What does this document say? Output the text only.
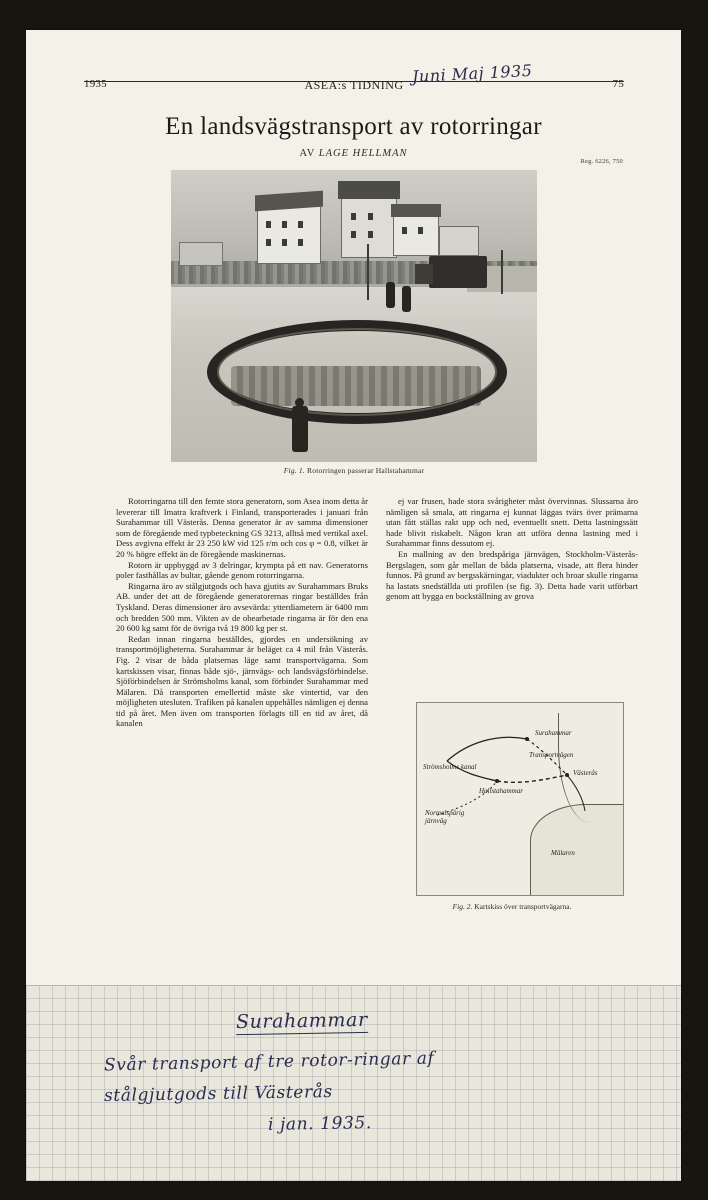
1935	ASEA:s TIDNING	75
Juni Maj 1935
En landsvägstransport av rotorringar
AV LAGE HELLMAN
Reg. 6226, 750
Fig. 1. Rotorringen passerar Hallstahammar

Rotorringarna till den femte stora generatorn, som Asea inom detta år levererar till Imatra kraftverk i Finland, transporterades i januari från Surahammar till Västerås. Denna generator är av samma dimensioner som de föregående med typbeteckning GS 3213, alltså med vertikal axel. Dess avgivna effekt är 23 250 kW vid 125 r/m och cos φ = 0.8, vilket är 20 % högre effekt än de föregående maskinernas.

Rotorn är uppbyggd av 3 delringar, krympta på ett nav. Generatorns poler fasthållas av bultar, gående genom rotorringarna.

Ringarna äro av stålgjutgods och hava gjutits av Surahammars Bruks AB. under det att de föregående generatorernas ringar beställdes från Tyskland. Deras dimensioner äro avsevärda: ytterdiametern är 6400 mm och bredden 500 mm. Vikten av de obearbetade ringarna är för den ena 20 600 kg samt för de övriga två 19 800 kg per st.

Redan innan ringarna beställdes, gjordes en undersökning av transportmöjligheterna. Surahammar är beläget ca 4 mil från Västerås. Fig. 2 visar de båda platsernas läge samt transportvägarna. Som kartskissen visar, finnas både sjö-, järnvägs- och landsvägsförbindelse. Sjöförbindelsen är Strömsholms kanal, som förbinder Surahammar med Mälaren. Då transporten emellertid måste ske vintertid, var den möjligheten utesluten. Trafiken på kanalen uppehålles nämligen ej denna tid på året. Men även om transporten förlagts till en tid av året, då kanalen

ej var frusen, hade stora svårigheter måst övervinnas. Slussarna äro nämligen så smala, att ringarna ej kunnat läggas tvärs över prämarna utan fått ställas rakt upp och ned, eventuellt snett. Detta lastningssätt hade blivit riskabelt. Någon kran att utföra denna lastning med i Surahammar finns dessutom ej.

En mallning av den bredspåriga järnvägen, Stockholm-Västerås-Bergslagen, som går mellan de båda platserna, visade, att flera hinder funnos. På grund av bergsskärningar, viadukter och broar skulle ringarna ha lastats snedställda uti profilen (se fig. 3). Detta hade varit utförbart genom att bygga en bockställning av grova

Surahammar
Transportvägen
Strömsholms kanal
Hallstahammar
Västerås
Normalspårig järnväg
Mälaren
Fig. 2. Kartskiss över transportvägarna.
Surahammar
Svår transport af tre rotor-ringar af
stålgjutgods till Västerås
i jan. 1935.
